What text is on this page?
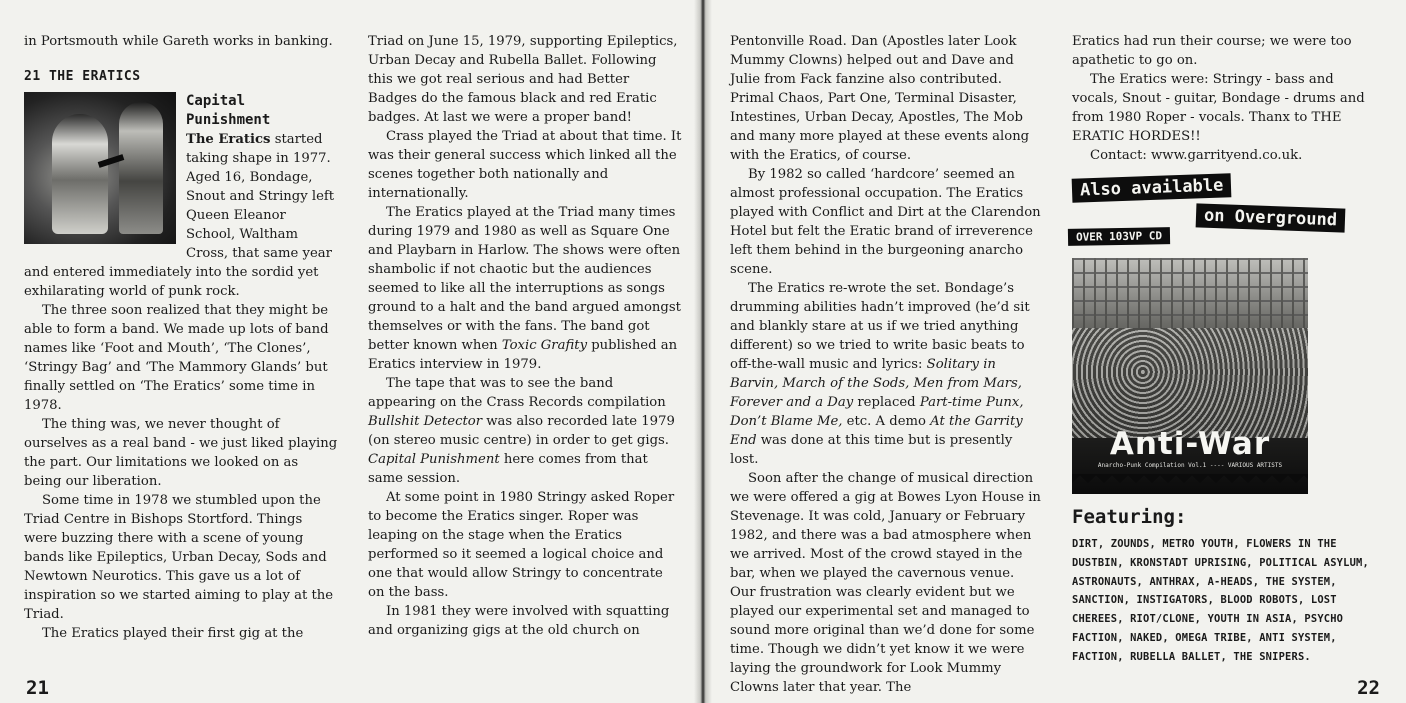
in Portsmouth while Gareth works in banking.

21 THE ERATICS
Capital
Punishment

The Eratics started taking shape in 1977. Aged 16, Bondage, Snout and Stringy left Queen Eleanor School, Waltham Cross, that same year and entered immediately into the sordid yet exhilarating world of punk rock.

The three soon realized that they might be able to form a band. We made up lots of band names like ‘Foot and Mouth’, ‘The Clones’, ‘Stringy Bag’ and ‘The Mammory Glands’ but finally settled on ‘The Eratics’ some time in 1978.

The thing was, we never thought of ourselves as a real band - we just liked playing the part. Our limitations we looked on as being our liberation.

Some time in 1978 we stumbled upon the Triad Centre in Bishops Stortford. Things were buzzing there with a scene of young bands like Epileptics, Urban Decay, Sods and Newtown Neurotics. This gave us a lot of inspiration so we started aiming to play at the Triad.

The Eratics played their first gig at the

Triad on June 15, 1979, supporting Epileptics, Urban Decay and Rubella Ballet. Following this we got real serious and had Better Badges do the famous black and red Eratic badges. At last we were a proper band!

Crass played the Triad at about that time. It was their general success which linked all the scenes together both nationally and internationally.

The Eratics played at the Triad many times during 1979 and 1980 as well as Square One and Playbarn in Harlow. The shows were often shambolic if not chaotic but the audiences seemed to like all the interruptions as songs ground to a halt and the band argued amongst themselves or with the fans. The band got better known when Toxic Grafity published an Eratics interview in 1979.

The tape that was to see the band appearing on the Crass Records compilation Bullshit Detector was also recorded late 1979 (on stereo music centre) in order to get gigs. Capital Punishment here comes from that same session.

At some point in 1980 Stringy asked Roper to become the Eratics singer. Roper was leaping on the stage when the Eratics performed so it seemed a logical choice and one that would allow Stringy to concentrate on the bass.

In 1981 they were involved with squatting and organizing gigs at the old church on

21

Pentonville Road. Dan (Apostles later Look Mummy Clowns) helped out and Dave and Julie from Fack fanzine also contributed. Primal Chaos, Part One, Terminal Disaster, Intestines, Urban Decay, Apostles, The Mob and many more played at these events along with the Eratics, of course.

By 1982 so called ‘hardcore’ seemed an almost professional occupation. The Eratics played with Conflict and Dirt at the Clarendon Hotel but felt the Eratic brand of irreverence left them behind in the burgeoning anarcho scene.

The Eratics re-wrote the set. Bondage’s drumming abilities hadn’t improved (he’d sit and blankly stare at us if we tried anything different) so we tried to write basic beats to off-the-wall music and lyrics: Solitary in Barvin, March of the Sods, Men from Mars, Forever and a Day replaced Part-time Punx, Don’t Blame Me, etc. A demo At the Garrity End was done at this time but is presently lost.

Soon after the change of musical direction we were offered a gig at Bowes Lyon House in Stevenage. It was cold, January or February 1982, and there was a bad atmosphere when we arrived. Most of the crowd stayed in the bar, when we played the cavernous venue. Our frustration was clearly evident but we played our experimental set and managed to sound more original than we’d done for some time. Though we didn’t yet know it we were laying the groundwork for Look Mummy Clowns later that year. The

Eratics had run their course; we were too apathetic to go on.

The Eratics were: Stringy - bass and vocals, Snout - guitar, Bondage - drums and from 1980 Roper - vocals. Thanx to THE ERATIC HORDES!!

Contact: www.garrityend.co.uk.

Also available
on Overground
OVER 103VP CD
Anti-War
Anarcho-Punk Compilation Vol.1 ---- VARIOUS ARTISTS
Featuring:
DIRT, ZOUNDS, METRO YOUTH, FLOWERS IN THE DUSTBIN, KRONSTADT UPRISING, POLITICAL ASYLUM, ASTRONAUTS, ANTHRAX, A-HEADS, THE SYSTEM, SANCTION, INSTIGATORS, BLOOD ROBOTS, LOST CHEREES, RIOT/CLONE, YOUTH IN ASIA, PSYCHO FACTION, NAKED, OMEGA TRIBE, ANTI SYSTEM, FACTION, RUBELLA BALLET, THE SNIPERS.
22
